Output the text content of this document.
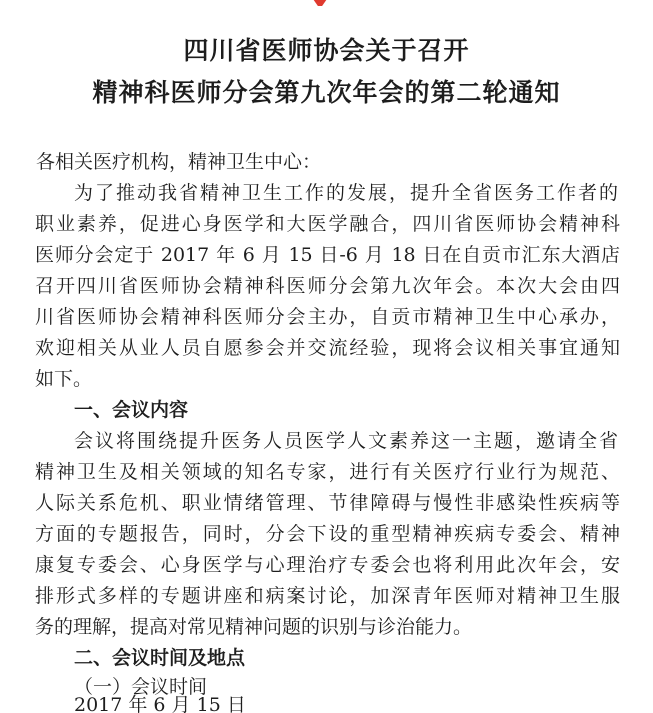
四川省医师协会关于召开
精神科医师分会第九次年会的第二轮通知
各相关医疗机构，精神卫生中心：
为了推动我省精神卫生工作的发展，提升全省医务工作者的
职业素养，促进心身医学和大医学融合，四川省医师协会精神科
医师分会定于 2017 年 6 月 15 日-6 月 18 日在自贡市汇东大酒店
召开四川省医师协会精神科医师分会第九次年会。本次大会由四
川省医师协会精神科医师分会主办，自贡市精神卫生中心承办，
欢迎相关从业人员自愿参会并交流经验，现将会议相关事宜通知
如下。
一、会议内容
会议将围绕提升医务人员医学人文素养这一主题，邀请全省
精神卫生及相关领域的知名专家，进行有关医疗行业行为规范、
人际关系危机、职业情绪管理、节律障碍与慢性非感染性疾病等
方面的专题报告，同时，分会下设的重型精神疾病专委会、精神
康复专委会、心身医学与心理治疗专委会也将利用此次年会，安
排形式多样的专题讲座和病案讨论，加深青年医师对精神卫生服
务的理解，提高对常见精神问题的识别与诊治能力。
二、会议时间及地点
（一）会议时间
2017 年 6 月 15 日
